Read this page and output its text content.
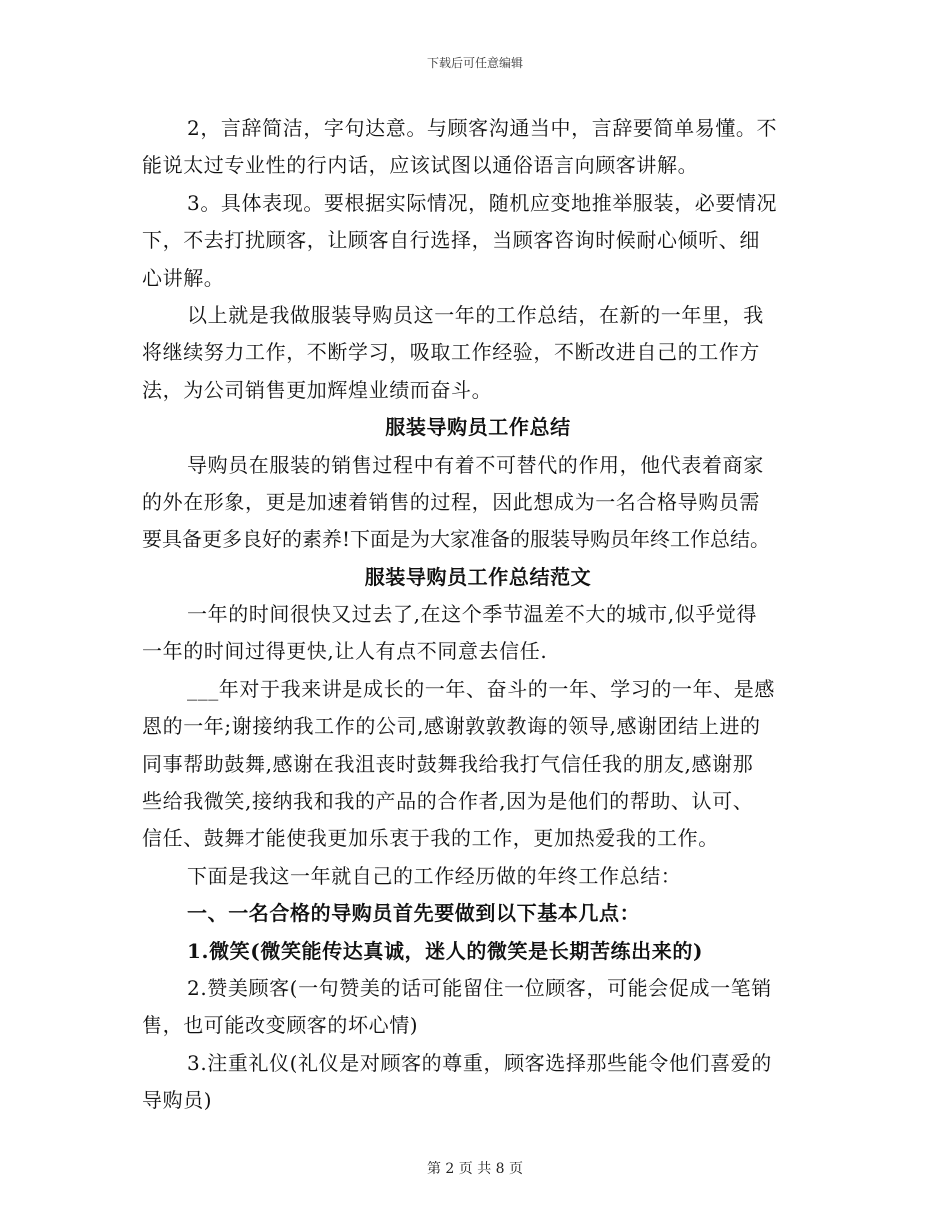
下载后可任意编辑
2，言辞简洁，字句达意。与顾客沟通当中，言辞要简单易懂。不
能说太过专业性的行内话，应该试图以通俗语言向顾客讲解。
3。具体表现。要根据实际情况，随机应变地推举服装，必要情况
下，不去打扰顾客，让顾客自行选择，当顾客咨询时候耐心倾听、细
心讲解。
以上就是我做服装导购员这一年的工作总结，在新的一年里，我
将继续努力工作，不断学习，吸取工作经验，不断改进自己的工作方
法，为公司销售更加辉煌业绩而奋斗。
服装导购员工作总结
导购员在服装的销售过程中有着不可替代的作用，他代表着商家
的外在形象，更是加速着销售的过程，因此想成为一名合格导购员需
要具备更多良好的素养!下面是为大家准备的服装导购员年终工作总结。
服装导购员工作总结范文
一年的时间很快又过去了,在这个季节温差不大的城市,似乎觉得
一年的时间过得更快,让人有点不同意去信任.
___年对于我来讲是成长的一年、奋斗的一年、学习的一年、是感
恩的一年;谢接纳我工作的公司,感谢敦敦教诲的领导,感谢团结上进的
同事帮助鼓舞,感谢在我沮丧时鼓舞我给我打气信任我的朋友,感谢那
些给我微笑,接纳我和我的产品的合作者,因为是他们的帮助、认可、
信任、鼓舞才能使我更加乐衷于我的工作，更加热爱我的工作。
下面是我这一年就自己的工作经历做的年终工作总结：
一、一名合格的导购员首先要做到以下基本几点：
1.微笑(微笑能传达真诚，迷人的微笑是长期苦练出来的)
2.赞美顾客(一句赞美的话可能留住一位顾客，可能会促成一笔销
售，也可能改变顾客的坏心情)
3.注重礼仪(礼仪是对顾客的尊重，顾客选择那些能令他们喜爱的
导购员)
第 2 页 共 8 页
